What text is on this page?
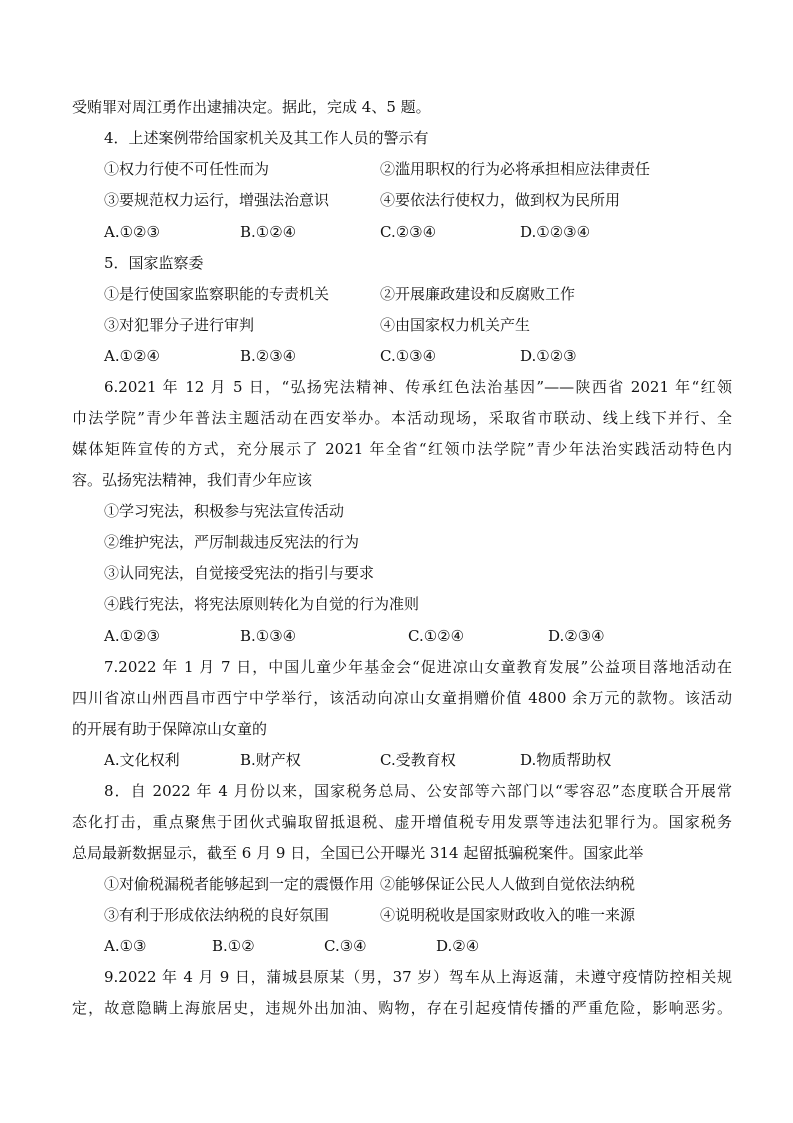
受贿罪对周江勇作出逮捕决定。据此，完成 4、5 题。
4．上述案例带给国家机关及其工作人员的警示有
①权力行使不可任性而为	②滥用职权的行为必将承担相应法律责任
③要规范权力运行，增强法治意识	④要依法行使权力，做到权为民所用
A.①②③	B.①②④	C.②③④	D.①②③④
5．国家监察委
①是行使国家监察职能的专责机关	②开展廉政建设和反腐败工作
③对犯罪分子进行审判	④由国家权力机关产生
A.①②④	B.②③④	C.①③④	D.①②③
6.2021 年 12 月 5 日，“弘扬宪法精神、传承红色法治基因”——陕西省 2021 年“红领
巾法学院”青少年普法主题活动在西安举办。本活动现场，采取省市联动、线上线下并行、全
媒体矩阵宣传的方式，充分展示了 2021 年全省“红领巾法学院”青少年法治实践活动特色内
容。弘扬宪法精神，我们青少年应该
①学习宪法，积极参与宪法宣传活动
②维护宪法，严厉制裁违反宪法的行为
③认同宪法，自觉接受宪法的指引与要求
④践行宪法，将宪法原则转化为自觉的行为准则
A.①②③	B.①③④	C.①②④	D.②③④
7.2022 年 1 月 7 日，中国儿童少年基金会“促进凉山女童教育发展”公益项目落地活动在
四川省凉山州西昌市西宁中学举行，该活动向凉山女童捐赠价值 4800 余万元的款物。该活动
的开展有助于保障凉山女童的
A.文化权利	B.财产权	C.受教育权	D.物质帮助权
8．自 2022 年 4 月份以来，国家税务总局、公安部等六部门以“零容忍”态度联合开展常
态化打击，重点聚焦于团伙式骗取留抵退税、虚开增值税专用发票等违法犯罪行为。国家税务
总局最新数据显示，截至 6 月 9 日，全国已公开曝光 314 起留抵骗税案件。国家此举
①对偷税漏税者能够起到一定的震慑作用 ②能够保证公民人人做到自觉依法纳税
③有利于形成依法纳税的良好氛围	④说明税收是国家财政收入的唯一来源
A.①③	B.①②	C.③④	D.②④
9.2022 年 4 月 9 日，蒲城县原某（男，37 岁）驾车从上海返蒲，未遵守疫情防控相关规
定，故意隐瞒上海旅居史，违规外出加油、购物，存在引起疫情传播的严重危险，影响恶劣。
